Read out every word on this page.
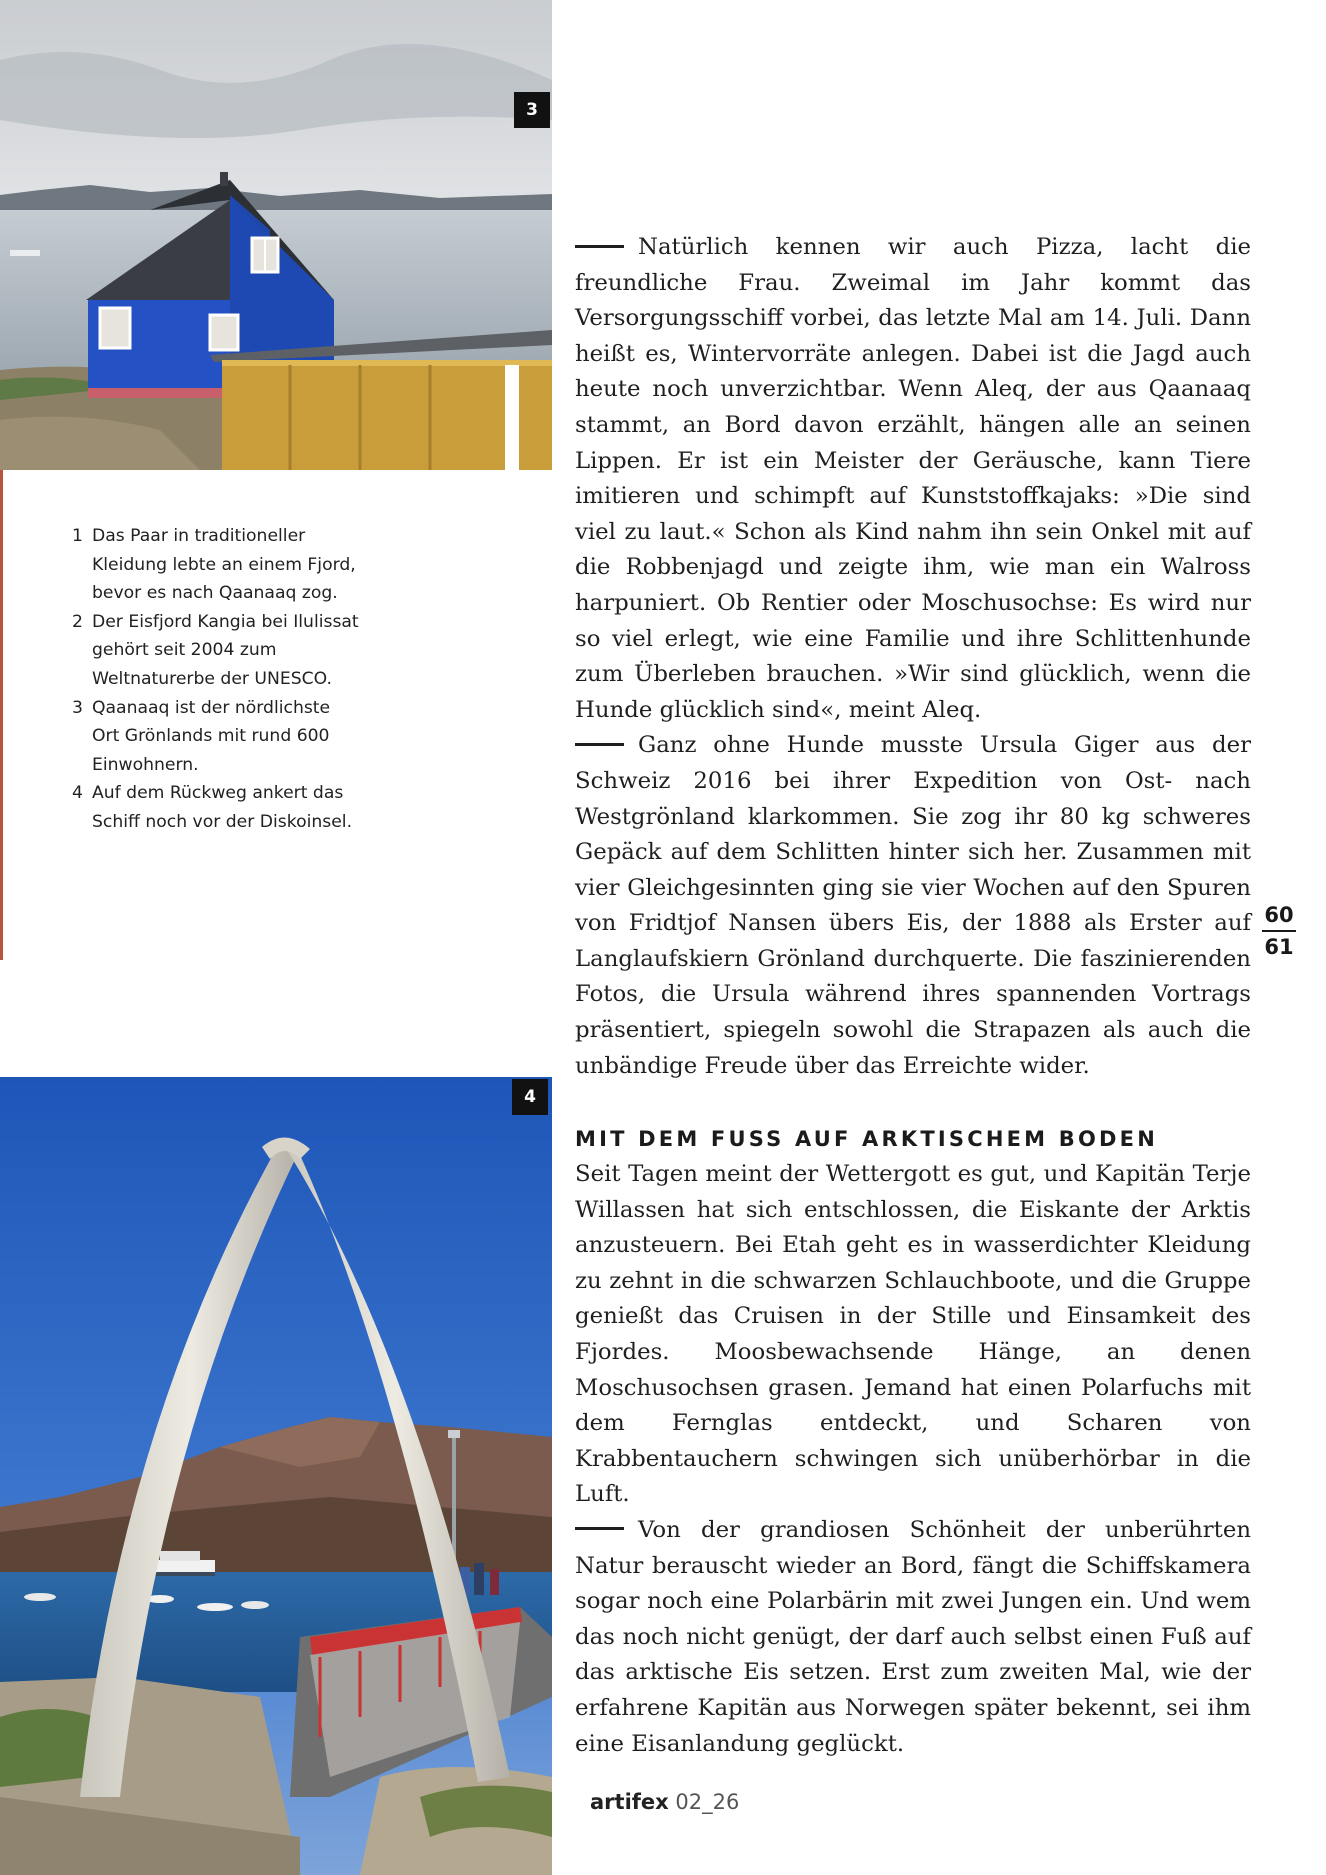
3
1 Das Paar in traditioneller Kleidung lebte an einem Fjord, bevor es nach Qaanaaq zog.
2 Der Eisfjord Kangia bei Ilulissat gehört seit 2004 zum Weltnaturerbe der UNESCO.
3 Qaanaaq ist der nördlichste Ort Grönlands mit rund 600 Einwohnern.
4 Auf dem Rückweg ankert das Schiff noch vor der Diskoinsel.
4

Natürlich kennen wir auch Pizza, lacht die freundliche Frau. Zweimal im Jahr kommt das Versorgungsschiff vorbei, das letzte Mal am 14. Juli. Dann heißt es, Wintervorräte anlegen. Dabei ist die Jagd auch heute noch unverzichtbar. Wenn Aleq, der aus Qaanaaq stammt, an Bord davon erzählt, hängen alle an seinen Lippen. Er ist ein Meister der Geräusche, kann Tiere imitieren und schimpft auf Kunststoffkajaks: »Die sind viel zu laut.« Schon als Kind nahm ihn sein Onkel mit auf die Robbenjagd und zeigte ihm, wie man ein Walross harpuniert. Ob Rentier oder Moschusochse: Es wird nur so viel erlegt, wie eine Familie und ihre Schlittenhunde zum Überleben brauchen. »Wir sind glücklich, wenn die Hunde glücklich sind«, meint Aleq.

Ganz ohne Hunde musste Ursula Giger aus der Schweiz 2016 bei ihrer Expedition von Ost- nach Westgrönland klarkommen. Sie zog ihr 80 kg schweres Gepäck auf dem Schlitten hinter sich her. Zusammen mit vier Gleichgesinnten ging sie vier Wochen auf den Spuren von Fridtjof Nansen übers Eis, der 1888 als Erster auf Langlaufskiern Grönland durchquerte. Die faszinierenden Fotos, die Ursula während ihres spannenden Vortrags präsentiert, spiegeln sowohl die Strapazen als auch die unbändige Freude über das Erreichte wider.

MIT DEM FUSS AUF ARKTISCHEM BODEN

Seit Tagen meint der Wettergott es gut, und Kapitän Terje Willassen hat sich entschlossen, die Eiskante der Arktis anzusteuern. Bei Etah geht es in wasserdichter Kleidung zu zehnt in die schwarzen Schlauchboote, und die Gruppe genießt das Cruisen in der Stille und Einsamkeit des Fjordes. Moosbewachsende Hänge, an denen Moschusochsen grasen. Jemand hat einen Polarfuchs mit dem Fernglas entdeckt, und Scharen von Krabbentauchern schwingen sich unüberhörbar in die Luft.

Von der grandiosen Schönheit der unberührten Natur berauscht wieder an Bord, fängt die Schiffskamera sogar noch eine Polarbärin mit zwei Jungen ein. Und wem das noch nicht genügt, der darf auch selbst einen Fuß auf das arktische Eis setzen. Erst zum zweiten Mal, wie der erfahrene Kapitän aus Norwegen später bekennt, sei ihm eine Eisanlandung geglückt.

60
61
artifex 02_26
